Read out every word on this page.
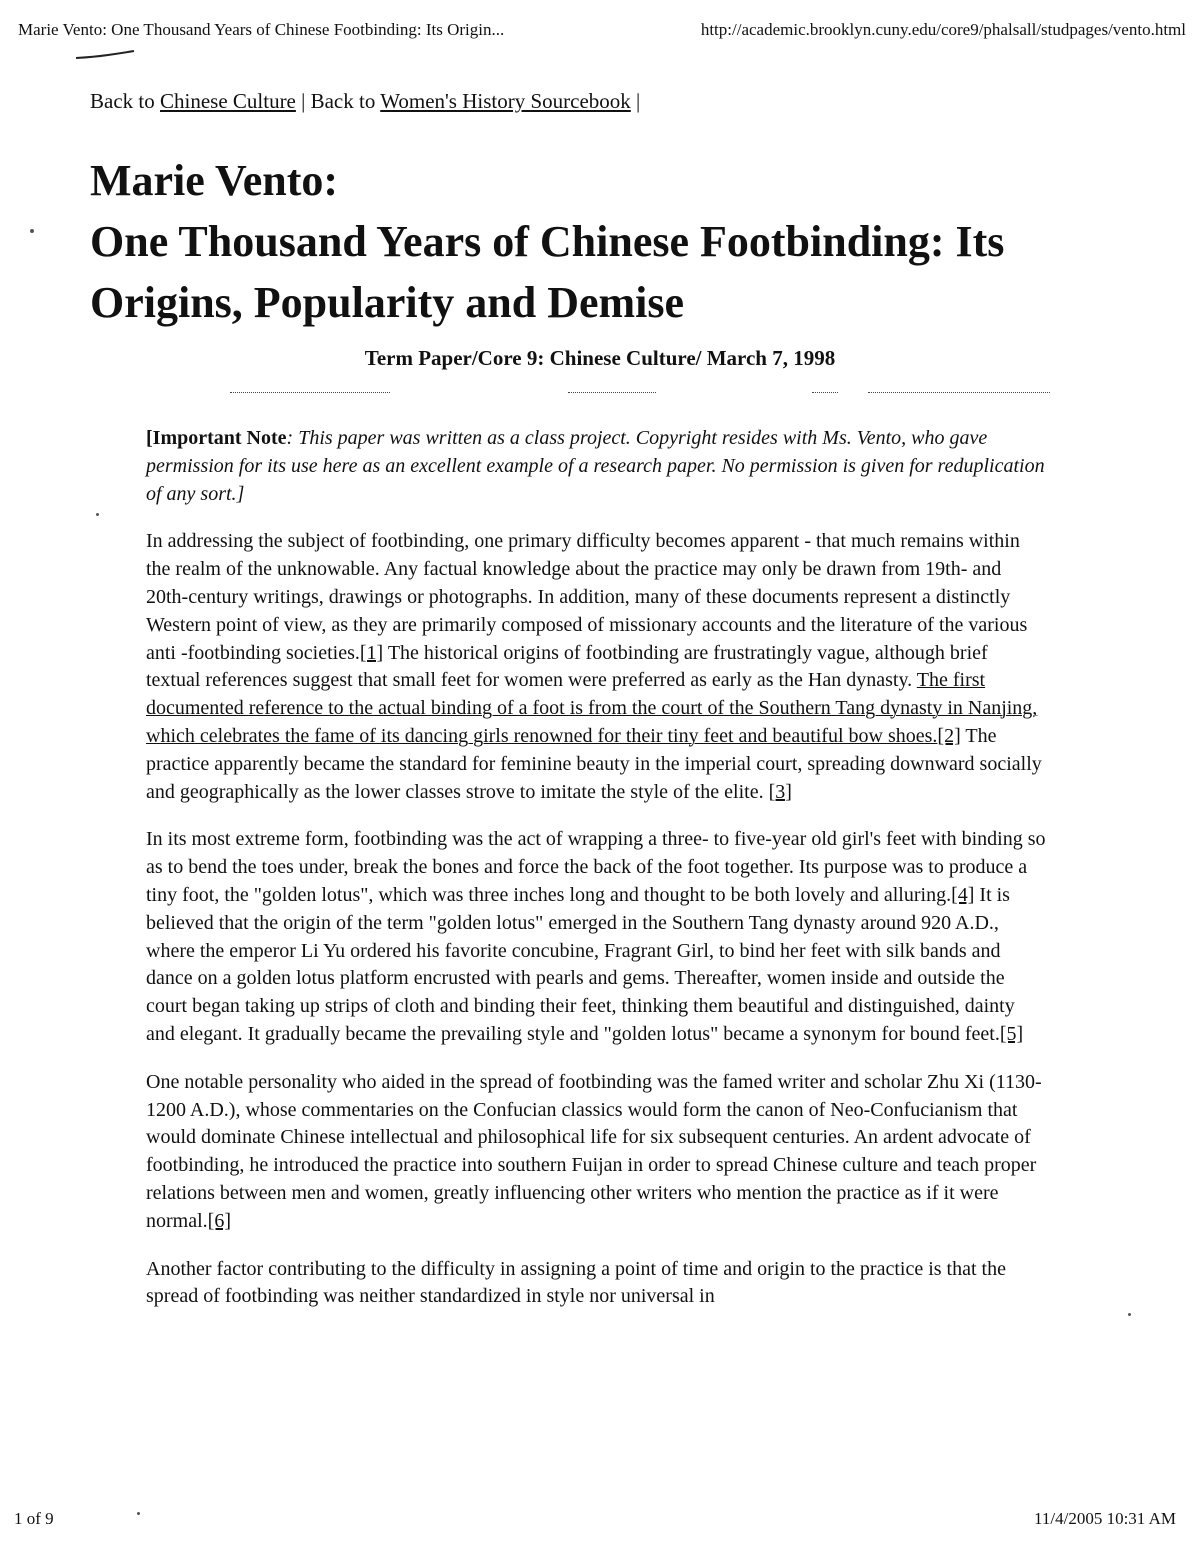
Marie Vento: One Thousand Years of Chinese Footbinding: Its Origin...	http://academic.brooklyn.cuny.edu/core9/phalsall/studpages/vento.html
Back to Chinese Culture | Back to Women's History Sourcebook |
Marie Vento:
One Thousand Years of Chinese Footbinding: Its Origins, Popularity and Demise
Term Paper/Core 9: Chinese Culture/ March 7, 1998

[Important Note: This paper was written as a class project. Copyright resides with Ms. Vento, who gave permission for its use here as an excellent example of a research paper. No permission is given for reduplication of any sort.]

In addressing the subject of footbinding, one primary difficulty becomes apparent - that much remains within the realm of the unknowable. Any factual knowledge about the practice may only be drawn from 19th- and 20th-century writings, drawings or photographs. In addition, many of these documents represent a distinctly Western point of view, as they are primarily composed of missionary accounts and the literature of the various anti -footbinding societies.[1] The historical origins of footbinding are frustratingly vague, although brief textual references suggest that small feet for women were preferred as early as the Han dynasty. The first documented reference to the actual binding of a foot is from the court of the Southern Tang dynasty in Nanjing, which celebrates the fame of its dancing girls renowned for their tiny feet and beautiful bow shoes.[2] The practice apparently became the standard for feminine beauty in the imperial court, spreading downward socially and geographically as the lower classes strove to imitate the style of the elite. [3]

In its most extreme form, footbinding was the act of wrapping a three- to five-year old girl's feet with binding so as to bend the toes under, break the bones and force the back of the foot together. Its purpose was to produce a tiny foot, the "golden lotus", which was three inches long and thought to be both lovely and alluring.[4] It is believed that the origin of the term "golden lotus" emerged in the Southern Tang dynasty around 920 A.D., where the emperor Li Yu ordered his favorite concubine, Fragrant Girl, to bind her feet with silk bands and dance on a golden lotus platform encrusted with pearls and gems. Thereafter, women inside and outside the court began taking up strips of cloth and binding their feet, thinking them beautiful and distinguished, dainty and elegant. It gradually became the prevailing style and "golden lotus" became a synonym for bound feet.[5]

One notable personality who aided in the spread of footbinding was the famed writer and scholar Zhu Xi (1130-1200 A.D.), whose commentaries on the Confucian classics would form the canon of Neo-Confucianism that would dominate Chinese intellectual and philosophical life for six subsequent centuries. An ardent advocate of footbinding, he introduced the practice into southern Fuijan in order to spread Chinese culture and teach proper relations between men and women, greatly influencing other writers who mention the practice as if it were normal.[6]

Another factor contributing to the difficulty in assigning a point of time and origin to the practice is that the spread of footbinding was neither standardized in style nor universal in

1 of 9	11/4/2005 10:31 AM
